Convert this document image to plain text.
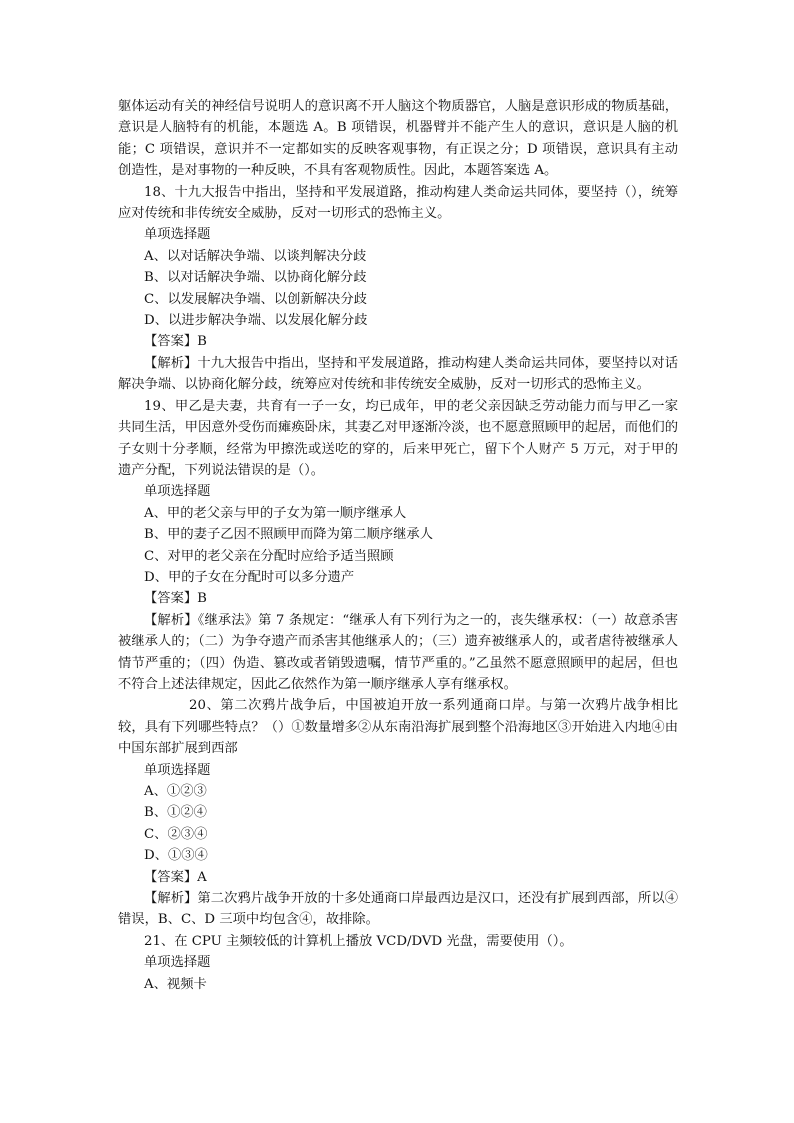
躯体运动有关的神经信号说明人的意识离不开人脑这个物质器官，人脑是意识形成的物质基础，意识是人脑特有的机能，本题选 A。B 项错误，机器臂并不能产生人的意识，意识是人脑的机能；C 项错误，意识并不一定都如实的反映客观事物，有正误之分；D 项错误，意识具有主动创造性，是对事物的一种反映，不具有客观物质性。因此，本题答案选 A。

18、十九大报告中指出，坚持和平发展道路，推动构建人类命运共同体，要坚持（），统筹应对传统和非传统安全威胁，反对一切形式的恐怖主义。

单项选择题

A、以对话解决争端、以谈判解决分歧

B、以对话解决争端、以协商化解分歧

C、以发展解决争端、以创新解决分歧

D、以进步解决争端、以发展化解分歧

【答案】B

【解析】十九大报告中指出，坚持和平发展道路，推动构建人类命运共同体，要坚持以对话解决争端、以协商化解分歧，统筹应对传统和非传统安全威胁，反对一切形式的恐怖主义。

19、甲乙是夫妻，共育有一子一女，均已成年，甲的老父亲因缺乏劳动能力而与甲乙一家共同生活，甲因意外受伤而瘫痪卧床，其妻乙对甲逐渐冷淡，也不愿意照顾甲的起居，而他们的子女则十分孝顺，经常为甲擦洗或送吃的穿的，后来甲死亡，留下个人财产 5 万元，对于甲的遗产分配，下列说法错误的是（）。

单项选择题

A、甲的老父亲与甲的子女为第一顺序继承人

B、甲的妻子乙因不照顾甲而降为第二顺序继承人

C、对甲的老父亲在分配时应给予适当照顾

D、甲的子女在分配时可以多分遗产

【答案】B

【解析】《继承法》第 7 条规定：“继承人有下列行为之一的，丧失继承权：（一）故意杀害被继承人的；（二）为争夺遗产而杀害其他继承人的；（三）遗弃被继承人的，或者虐待被继承人情节严重的；（四）伪造、篡改或者销毁遗嘱，情节严重的。”乙虽然不愿意照顾甲的起居，但也不符合上述法律规定，因此乙依然作为第一顺序继承人享有继承权。

20、第二次鸦片战争后，中国被迫开放一系列通商口岸。与第一次鸦片战争相比较，具有下列哪些特点？（）①数量增多②从东南沿海扩展到整个沿海地区③开始进入内地④由中国东部扩展到西部

单项选择题

A、①②③

B、①②④

C、②③④

D、①③④

【答案】A

【解析】第二次鸦片战争开放的十多处通商口岸最西边是汉口，还没有扩展到西部，所以④错误，B、C、D 三项中均包含④，故排除。

21、在 CPU 主频较低的计算机上播放 VCD/DVD 光盘，需要使用（）。

单项选择题

A、视频卡
